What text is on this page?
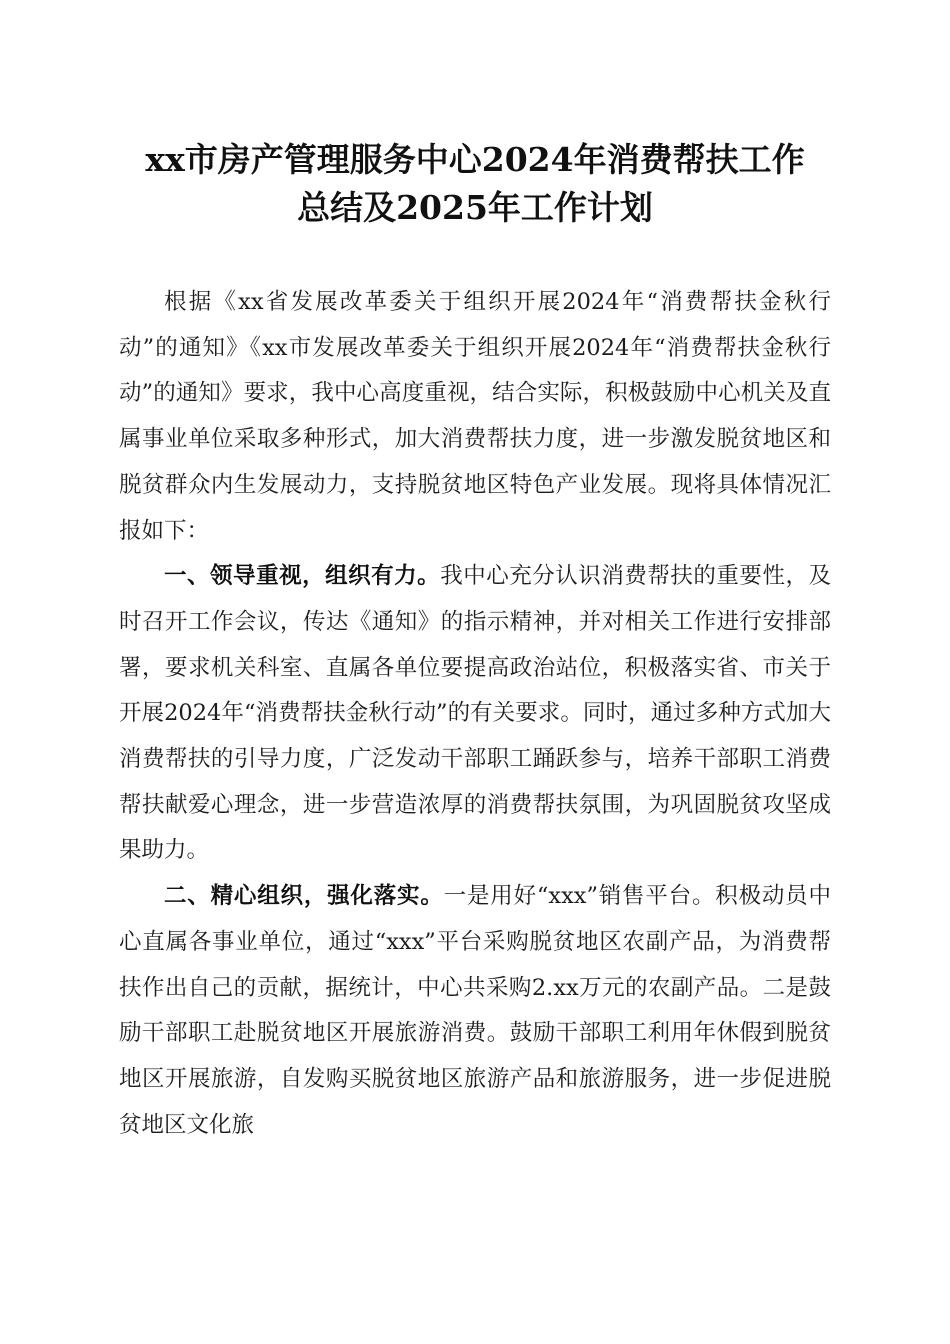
xx市房产管理服务中心2024年消费帮扶工作
总结及2025年工作计划

根据《xx省发展改革委关于组织开展2024年“消费帮扶金秋行动”的通知》《xx市发展改革委关于组织开展2024年“消费帮扶金秋行动”的通知》要求，我中心高度重视，结合实际，积极鼓励中心机关及直属事业单位采取多种形式，加大消费帮扶力度，进一步激发脱贫地区和脱贫群众内生发展动力，支持脱贫地区特色产业发展。现将具体情况汇报如下：

一、领导重视，组织有力。我中心充分认识消费帮扶的重要性，及时召开工作会议，传达《通知》的指示精神，并对相关工作进行安排部署，要求机关科室、直属各单位要提高政治站位，积极落实省、市关于开展2024年“消费帮扶金秋行动”的有关要求。同时，通过多种方式加大消费帮扶的引导力度，广泛发动干部职工踊跃参与，培养干部职工消费帮扶献爱心理念，进一步营造浓厚的消费帮扶氛围，为巩固脱贫攻坚成果助力。

二、精心组织，强化落实。一是用好“xxx”销售平台。积极动员中心直属各事业单位，通过“xxx”平台采购脱贫地区农副产品，为消费帮扶作出自己的贡献，据统计，中心共采购2.xx万元的农副产品。二是鼓励干部职工赴脱贫地区开展旅游消费。鼓励干部职工利用年休假到脱贫地区开展旅游，自发购买脱贫地区旅游产品和旅游服务，进一步促进脱贫地区文化旅
